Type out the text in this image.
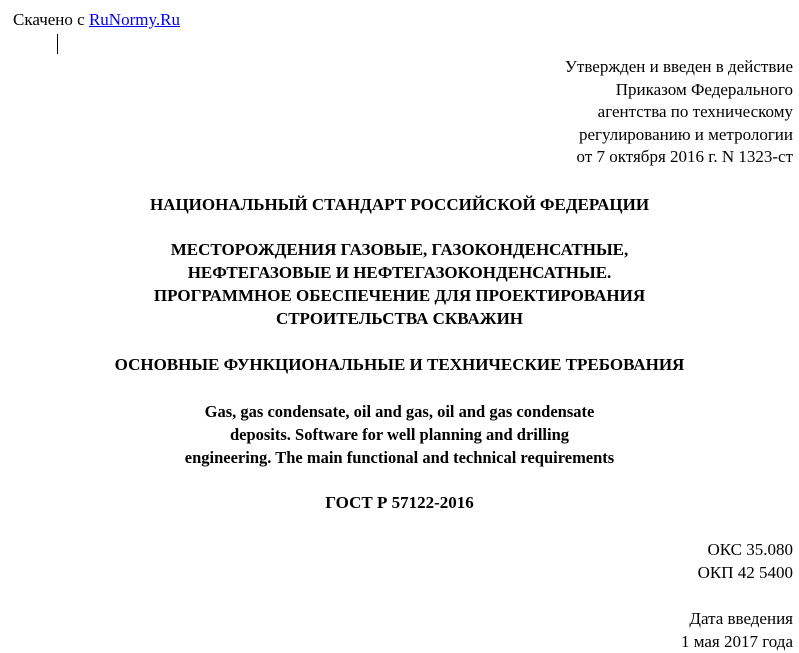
Скачено с RuNormy.Ru
Утвержден и введен в действие
Приказом Федерального
агентства по техническому
регулированию и метрологии
от 7 октября 2016 г. N 1323-ст
НАЦИОНАЛЬНЫЙ СТАНДАРТ РОССИЙСКОЙ ФЕДЕРАЦИИ
МЕСТОРОЖДЕНИЯ ГАЗОВЫЕ, ГАЗОКОНДЕНСАТНЫЕ,
НЕФТЕГАЗОВЫЕ И НЕФТЕГАЗОКОНДЕНСАТНЫЕ.
ПРОГРАММНОЕ ОБЕСПЕЧЕНИЕ ДЛЯ ПРОЕКТИРОВАНИЯ
СТРОИТЕЛЬСТВА СКВАЖИН
ОСНОВНЫЕ ФУНКЦИОНАЛЬНЫЕ И ТЕХНИЧЕСКИЕ ТРЕБОВАНИЯ
Gas, gas condensate, oil and gas, oil and gas condensate
deposits. Software for well planning and drilling
engineering. The main functional and technical requirements
ГОСТ Р 57122-2016
ОКС 35.080
ОКП 42 5400
Дата введения
1 мая 2017 года
